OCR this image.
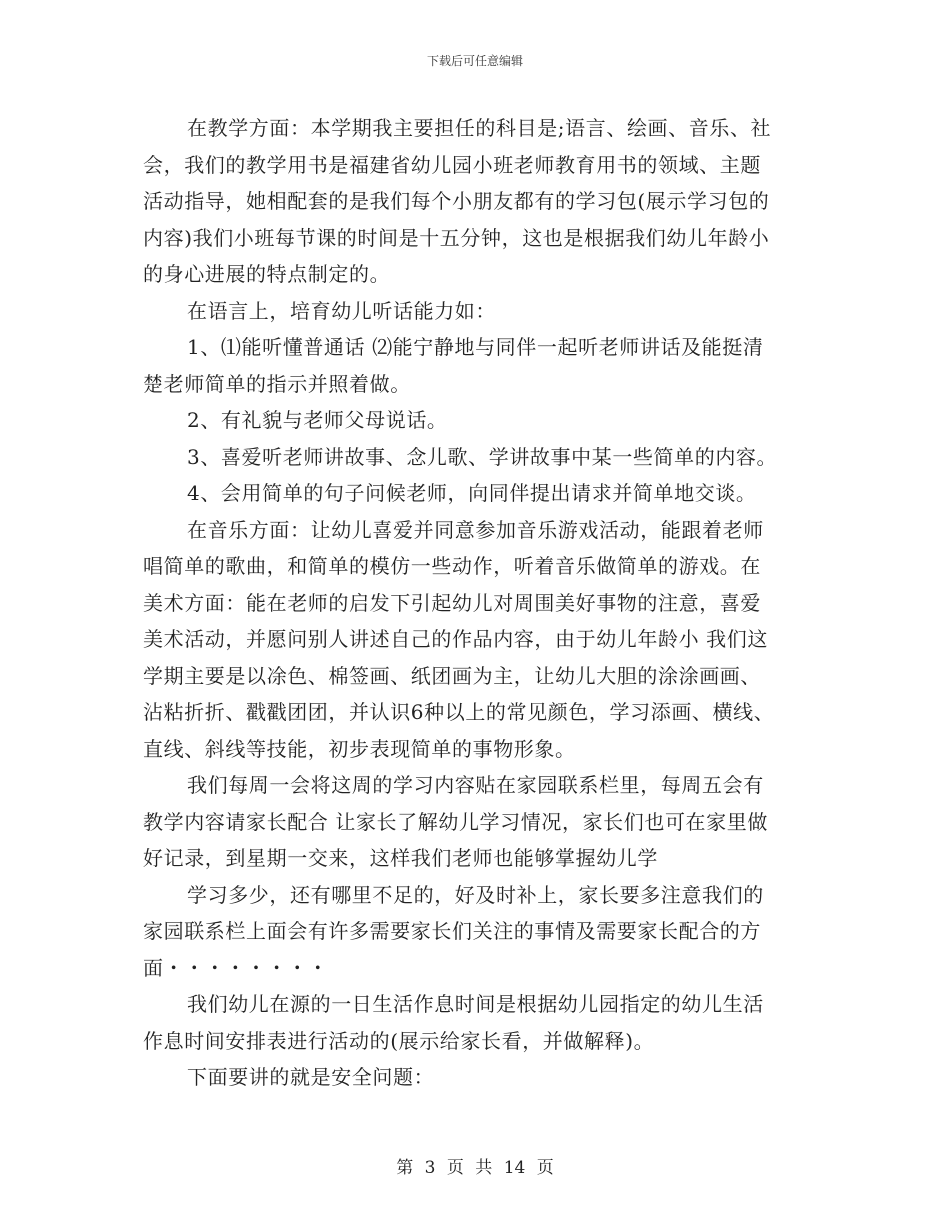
下载后可任意编辑
在教学方面：本学期我主要担任的科目是;语言、绘画、音乐、社
会，我们的教学用书是福建省幼儿园小班老师教育用书的领域、主题
活动指导，她相配套的是我们每个小朋友都有的学习包(展示学习包的
内容)我们小班每节课的时间是十五分钟，这也是根据我们幼儿年龄小
的身心进展的特点制定的。
在语言上，培育幼儿听话能力如：
1、⑴能听懂普通话 ⑵能宁静地与同伴一起听老师讲话及能挺清
楚老师简单的指示并照着做。
2、有礼貌与老师父母说话。
3、喜爱听老师讲故事、念儿歌、学讲故事中某一些简单的内容。
4、会用简单的句子问候老师，向同伴提出请求并简单地交谈。
在音乐方面：让幼儿喜爱并同意参加音乐游戏活动，能跟着老师
唱简单的歌曲，和简单的模仿一些动作，听着音乐做简单的游戏。在
美术方面：能在老师的启发下引起幼儿对周围美好事物的注意，喜爱
美术活动，并愿问别人讲述自己的作品内容，由于幼儿年龄小 我们这
学期主要是以凃色、棉签画、纸团画为主，让幼儿大胆的涂涂画画、
沾粘折折、戳戳团团，并认识6种以上的常见颜色，学习添画、横线、
直线、斜线等技能，初步表现简单的事物形象。
我们每周一会将这周的学习内容贴在家园联系栏里，每周五会有
教学内容请家长配合 让家长了解幼儿学习情况，家长们也可在家里做
好记录，到星期一交来，这样我们老师也能够掌握幼儿学
学习多少，还有哪里不足的，好及时补上，家长要多注意我们的
家园联系栏上面会有许多需要家长们关注的事情及需要家长配合的方
面・・・・・・・・
我们幼儿在源的一日生活作息时间是根据幼儿园指定的幼儿生活
作息时间安排表进行活动的(展示给家长看，并做解释)。
下面要讲的就是安全问题：
第 3 页 共 14 页
